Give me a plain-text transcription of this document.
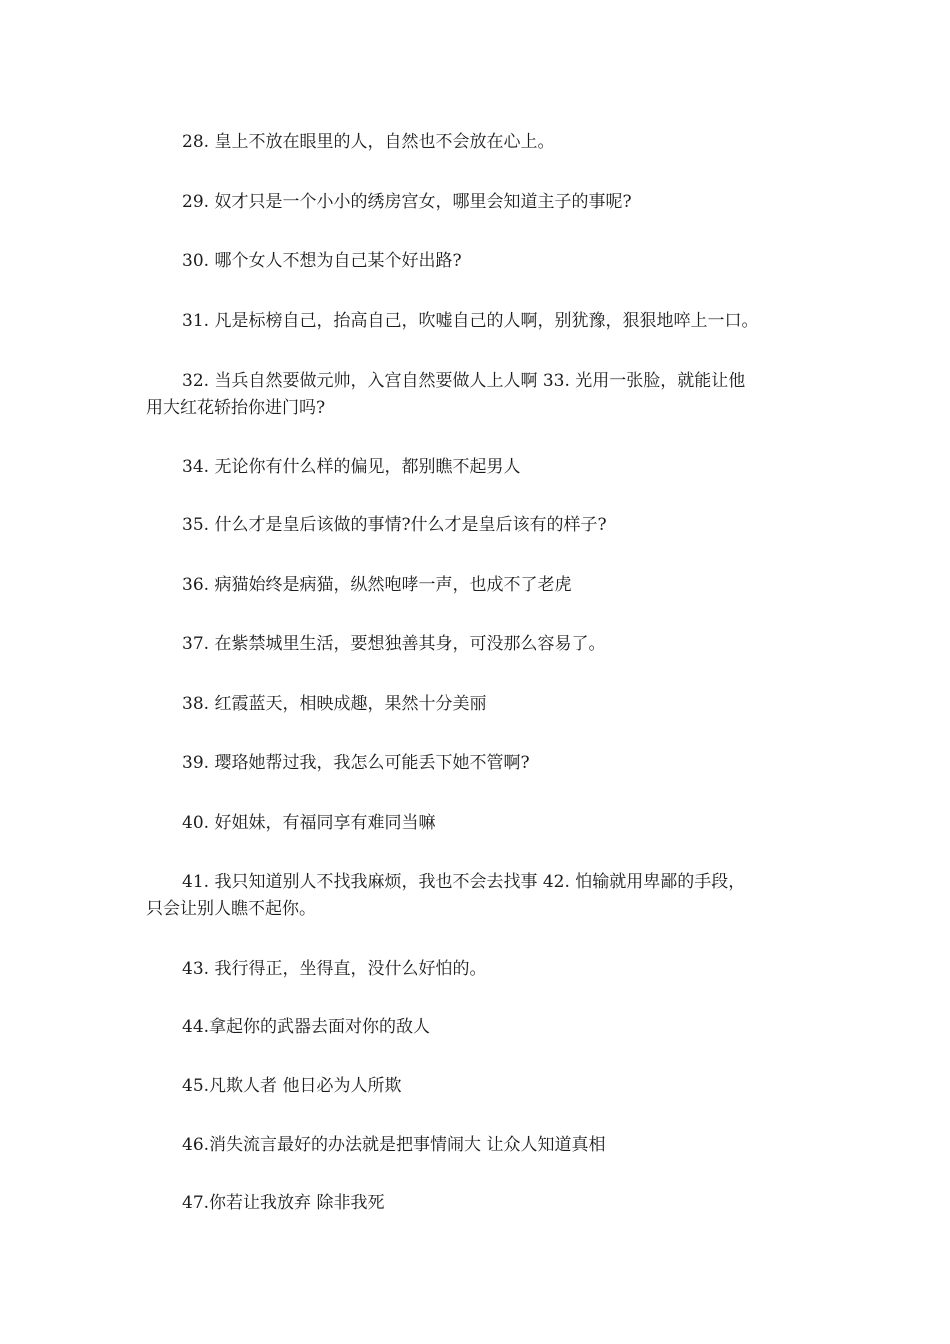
28. 皇上不放在眼里的人，自然也不会放在心上。

29. 奴才只是一个小小的绣房宫女，哪里会知道主子的事呢?

30. 哪个女人不想为自己某个好出路?

31. 凡是标榜自己，抬高自己，吹嘘自己的人啊，别犹豫，狠狠地啐上一口。

32. 当兵自然要做元帅，入宫自然要做人上人啊 33. 光用一张脸，就能让他
用大红花轿抬你进门吗?

34. 无论你有什么样的偏见，都别瞧不起男人

35. 什么才是皇后该做的事情?什么才是皇后该有的样子?

36. 病猫始终是病猫，纵然咆哮一声，也成不了老虎

37. 在紫禁城里生活，要想独善其身，可没那么容易了。

38. 红霞蓝天，相映成趣，果然十分美丽

39. 璎珞她帮过我，我怎么可能丢下她不管啊?

40. 好姐妹，有福同享有难同当嘛

41. 我只知道别人不找我麻烦，我也不会去找事 42. 怕输就用卑鄙的手段，
只会让别人瞧不起你。

43. 我行得正，坐得直，没什么好怕的。

44.拿起你的武器去面对你的敌人

45.凡欺人者 他日必为人所欺

46.消失流言最好的办法就是把事情闹大 让众人知道真相

47.你若让我放弃 除非我死
